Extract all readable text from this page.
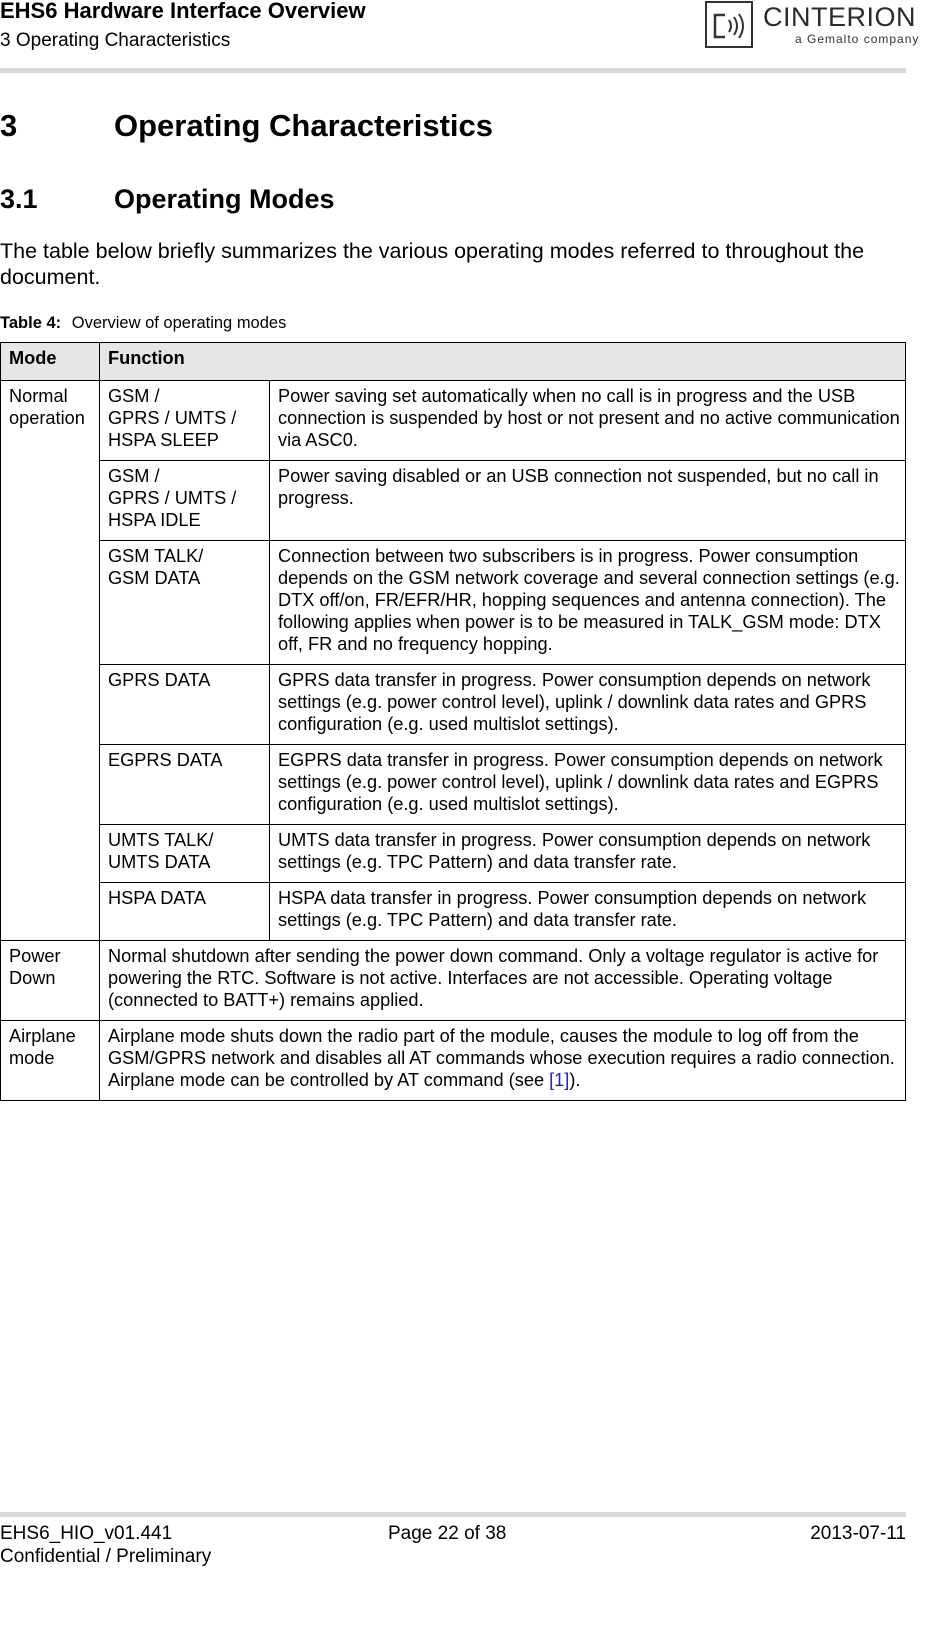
EHS6 Hardware Interface Overview
3 Operating Characteristics
CINTERION
a Gemalto company
3	Operating Characteristics
3.1	Operating Modes
The table below briefly summarizes the various operating modes referred to throughout the document.
Table 4: Overview of operating modes
Mode	Function	
Normal operation	GSM /
GPRS / UMTS /
HSPA SLEEP	Power saving set automatically when no call is in progress and the USB connection is suspended by host or not present and no active communication via ASC0.
	GSM /
GPRS / UMTS /
HSPA IDLE	Power saving disabled or an USB connection not suspended, but no call in progress.
	GSM TALK/
GSM DATA	Connection between two subscribers is in progress. Power consumption depends on the GSM network coverage and several connection settings (e.g. DTX off/on, FR/EFR/HR, hopping sequences and antenna connection). The following applies when power is to be measured in TALK_GSM mode: DTX off, FR and no frequency hopping.
	GPRS DATA	GPRS data transfer in progress. Power consumption depends on network settings (e.g. power control level), uplink / downlink data rates and GPRS configuration (e.g. used multislot settings).
	EGPRS DATA	EGPRS data transfer in progress. Power consumption depends on network settings (e.g. power control level), uplink / downlink data rates and EGPRS configuration (e.g. used multislot settings).
	UMTS TALK/
UMTS DATA	UMTS data transfer in progress. Power consumption depends on network settings (e.g. TPC Pattern) and data transfer rate.
	HSPA DATA	HSPA data transfer in progress. Power consumption depends on network settings (e.g. TPC Pattern) and data transfer rate.
Power Down	Normal shutdown after sending the power down command. Only a voltage regulator is active for powering the RTC. Software is not active. Interfaces are not accessible. Operating voltage (connected to BATT+) remains applied.	
Airplane mode	Airplane mode shuts down the radio part of the module, causes the module to log off from the GSM/GPRS network and disables all AT commands whose execution requires a radio connection.
Airplane mode can be controlled by AT command (see [1]).	
EHS6_HIO_v01.441
Confidential / Preliminary
Page 22 of 38	2013-07-11
